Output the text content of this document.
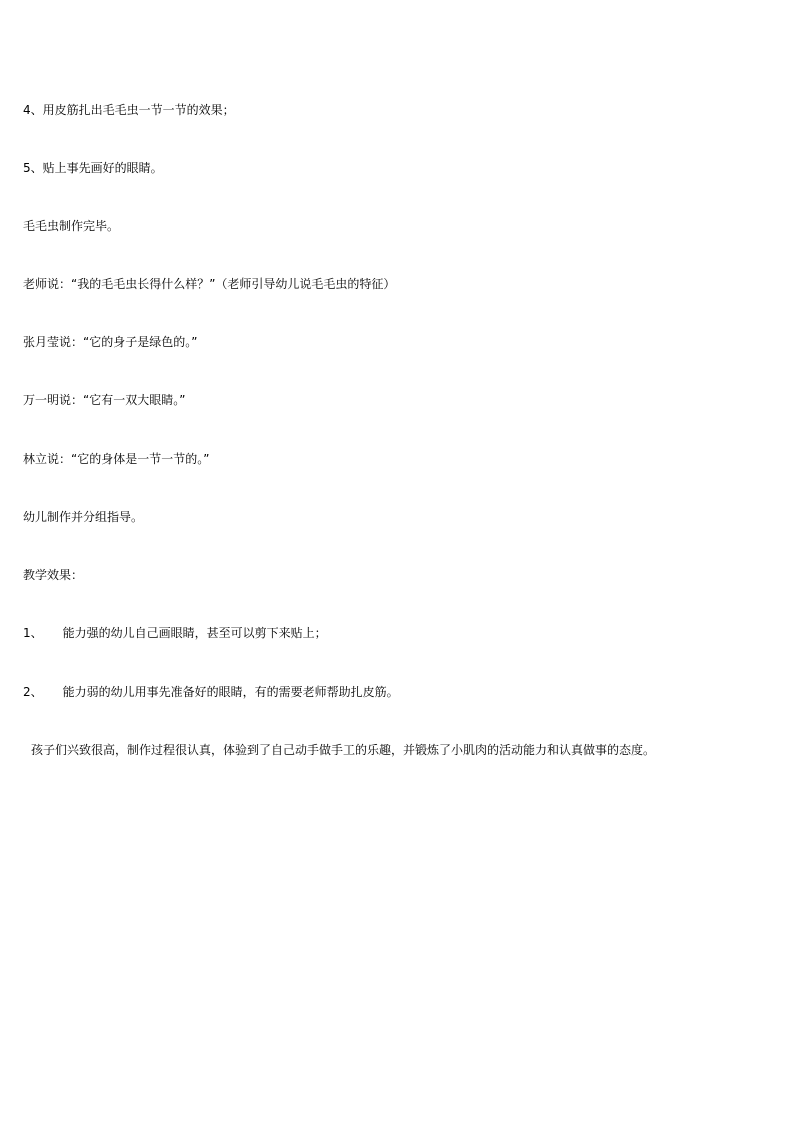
4、用皮筋扎出毛毛虫一节一节的效果；
5、贴上事先画好的眼睛。
毛毛虫制作完毕。
老师说：“我的毛毛虫长得什么样？”（老师引导幼儿说毛毛虫的特征）
张月莹说：“它的身子是绿色的。”
万一明说：“它有一双大眼睛。”
林立说：“它的身体是一节一节的。”
幼儿制作并分组指导。
教学效果：
1、 能力强的幼儿自己画眼睛，甚至可以剪下来贴上；
2、 能力弱的幼儿用事先准备好的眼睛，有的需要老师帮助扎皮筋。
孩子们兴致很高，制作过程很认真，体验到了自己动手做手工的乐趣，并锻炼了小肌肉的活动能力和认真做事的态度。
